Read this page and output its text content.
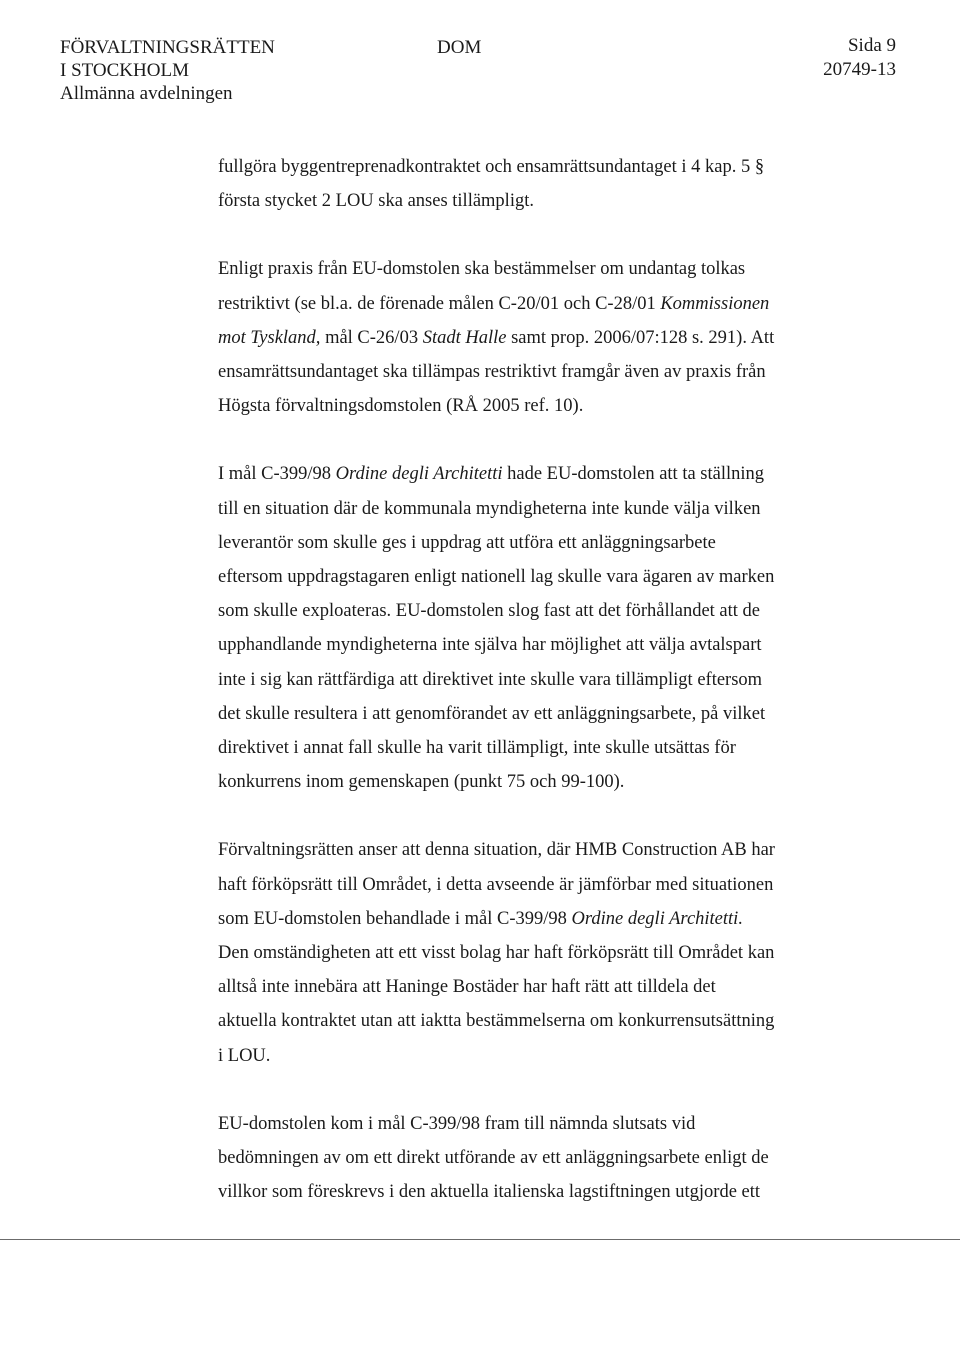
FÖRVALTNINGSRÄTTEN
I STOCKHOLM
Allmänna avdelningen
DOM	Sida 9
20749-13
fullgöra byggentreprenadkontraktet och ensamrättsundantaget i 4 kap. 5 §
första stycket 2 LOU ska anses tillämpligt.
Enligt praxis från EU-domstolen ska bestämmelser om undantag tolkas
restriktivt (se bl.a. de förenade målen C-20/01 och C-28/01 Kommissionen
mot Tyskland, mål C-26/03 Stadt Halle samt prop. 2006/07:128 s. 291). Att
ensamrättsundantaget ska tillämpas restriktivt framgår även av praxis från
Högsta förvaltningsdomstolen (RÅ 2005 ref. 10).
I mål C-399/98 Ordine degli Architetti hade EU-domstolen att ta ställning
till en situation där de kommunala myndigheterna inte kunde välja vilken
leverantör som skulle ges i uppdrag att utföra ett anläggningsarbete
eftersom uppdragstagaren enligt nationell lag skulle vara ägaren av marken
som skulle exploateras. EU-domstolen slog fast att det förhållandet att de
upphandlande myndigheterna inte själva har möjlighet att välja avtalspart
inte i sig kan rättfärdiga att direktivet inte skulle vara tillämpligt eftersom
det skulle resultera i att genomförandet av ett anläggningsarbete, på vilket
direktivet i annat fall skulle ha varit tillämpligt, inte skulle utsättas för
konkurrens inom gemenskapen (punkt 75 och 99-100).
Förvaltningsrätten anser att denna situation, där HMB Construction AB har
haft förköpsrätt till Området, i detta avseende är jämförbar med situationen
som EU-domstolen behandlade i mål C-399/98 Ordine degli Architetti.
Den omständigheten att ett visst bolag har haft förköpsrätt till Området kan
alltså inte innebära att Haninge Bostäder har haft rätt att tilldela det
aktuella kontraktet utan att iakttа bestämmelserna om konkurrensutsättning
i LOU.
EU-domstolen kom i mål C-399/98 fram till nämnda slutsats vid
bedömningen av om ett direkt utförande av ett anläggningsarbete enligt de
villkor som föreskrevs i den aktuella italienska lagstiftningen utgjorde ett
